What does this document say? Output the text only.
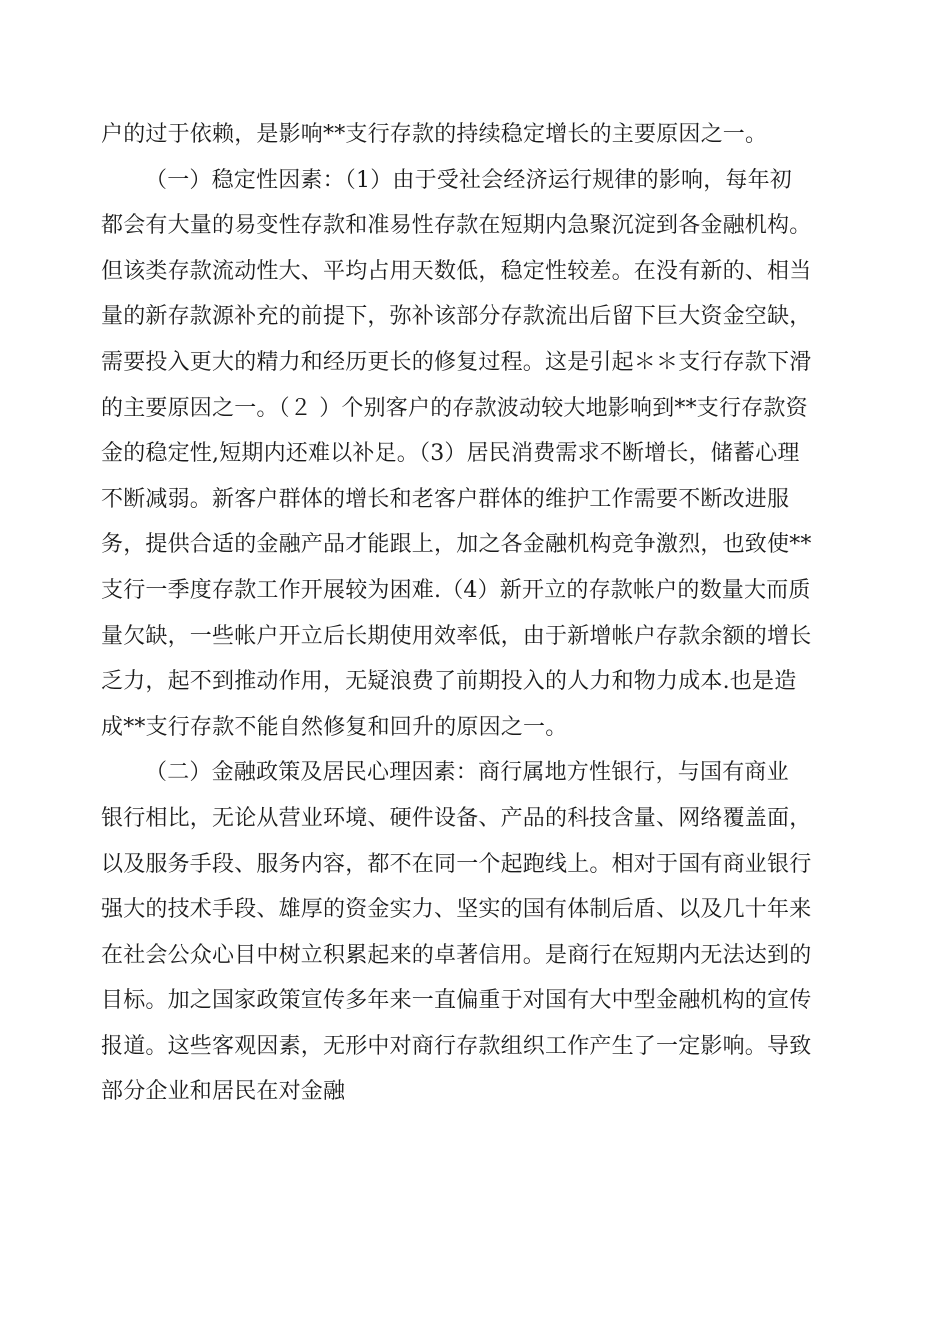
户的过于依赖，是影响**支行存款的持续稳定增长的主要原因之一。
（一）稳定性因素：（1）由于受社会经济运行规律的影响，每年初
都会有大量的易变性存款和准易性存款在短期内急聚沉淀到各金融机构。
但该类存款流动性大、平均占用天数低，稳定性较差。在没有新的、相当
量的新存款源补充的前提下，弥补该部分存款流出后留下巨大资金空缺，
需要投入更大的精力和经历更长的修复过程。这是引起＊＊支行存款下滑
的主要原因之一。（２ ）个别客户的存款波动较大地影响到**支行存款资
金的稳定性,短期内还难以补足。（3）居民消费需求不断增长，储蓄心理
不断减弱。新客户群体的增长和老客户群体的维护工作需要不断改进服
务，提供合适的金融产品才能跟上，加之各金融机构竞争激烈，也致使**
支行一季度存款工作开展较为困难.（4）新开立的存款帐户的数量大而质
量欠缺，一些帐户开立后长期使用效率低，由于新增帐户存款余额的增长
乏力，起不到推动作用，无疑浪费了前期投入的人力和物力成本.也是造
成**支行存款不能自然修复和回升的原因之一。
（二）金融政策及居民心理因素：商行属地方性银行，与国有商业
银行相比，无论从营业环境、硬件设备、产品的科技含量、网络覆盖面，
以及服务手段、服务内容，都不在同一个起跑线上。相对于国有商业银行
强大的技术手段、雄厚的资金实力、坚实的国有体制后盾、以及几十年来
在社会公众心目中树立积累起来的卓著信用。是商行在短期内无法达到的
目标。加之国家政策宣传多年来一直偏重于对国有大中型金融机构的宣传
报道。这些客观因素，无形中对商行存款组织工作产生了一定影响。导致
部分企业和居民在对金融
